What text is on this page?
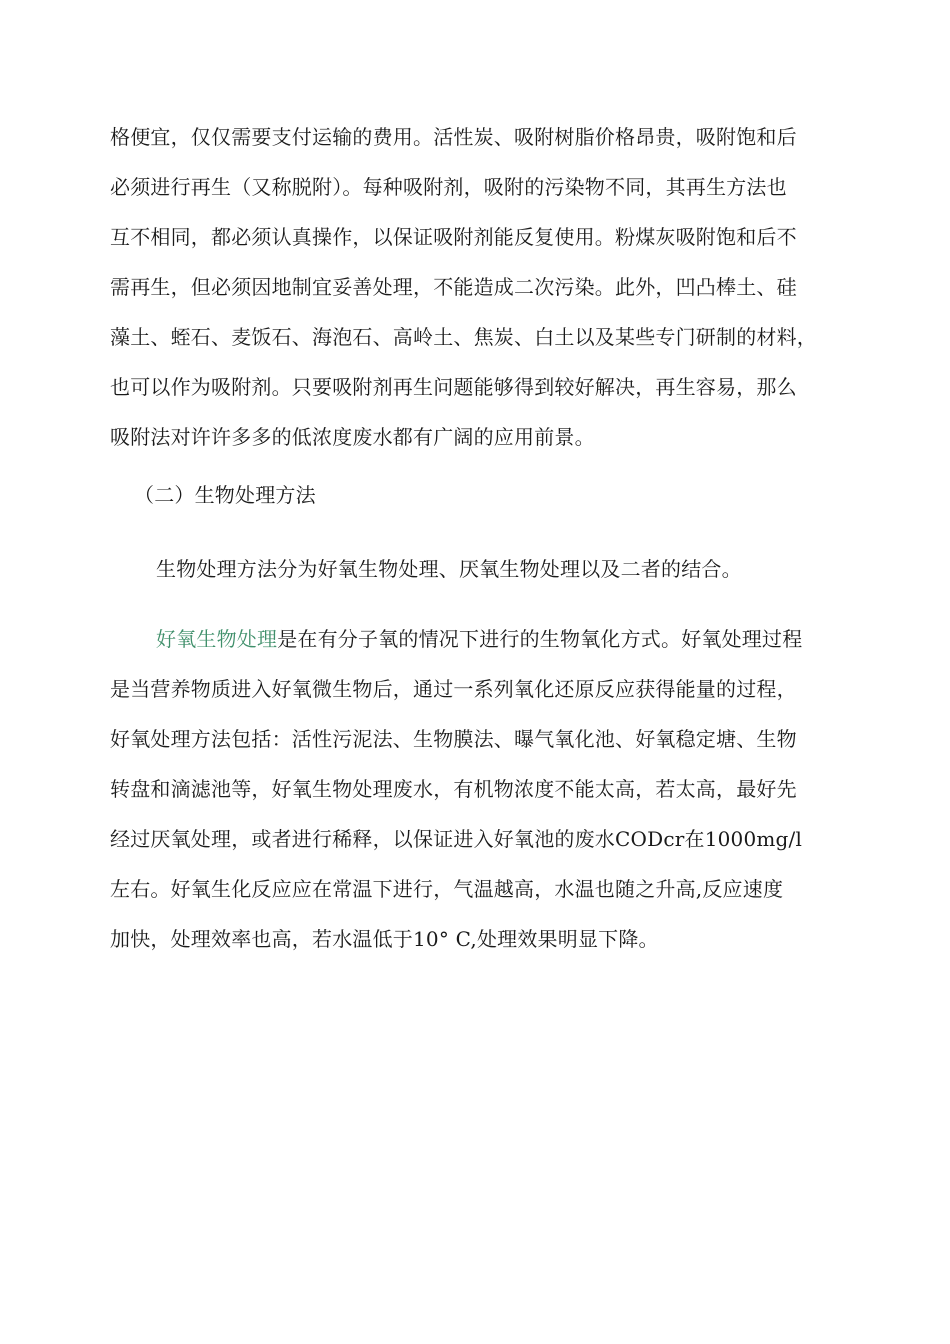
格便宜，仅仅需要支付运输的费用。活性炭、吸附树脂价格昂贵，吸附饱和后
必须进行再生（又称脱附）。每种吸附剂，吸附的污染物不同，其再生方法也
互不相同，都必须认真操作，以保证吸附剂能反复使用。粉煤灰吸附饱和后不
需再生，但必须因地制宜妥善处理，不能造成二次污染。此外，凹凸棒土、硅
藻土、蛭石、麦饭石、海泡石、高岭土、焦炭、白土以及某些专门研制的材料，
也可以作为吸附剂。只要吸附剂再生问题能够得到较好解决，再生容易，那么
吸附法对许许多多的低浓度废水都有广阔的应用前景。
（二）生物处理方法
生物处理方法分为好氧生物处理、厌氧生物处理以及二者的结合。
好氧生物处理是在有分子氧的情况下进行的生物氧化方式。好氧处理过程
是当营养物质进入好氧微生物后，通过一系列氧化还原反应获得能量的过程，
好氧处理方法包括：活性污泥法、生物膜法、曝气氧化池、好氧稳定塘、生物
转盘和滴滤池等，好氧生物处理废水，有机物浓度不能太高，若太高，最好先
经过厌氧处理，或者进行稀释，以保证进入好氧池的废水CODcr在1000mg/l
左右。好氧生化反应应在常温下进行，气温越高，水温也随之升高,反应速度
加快，处理效率也高，若水温低于10° C,处理效果明显下降。
